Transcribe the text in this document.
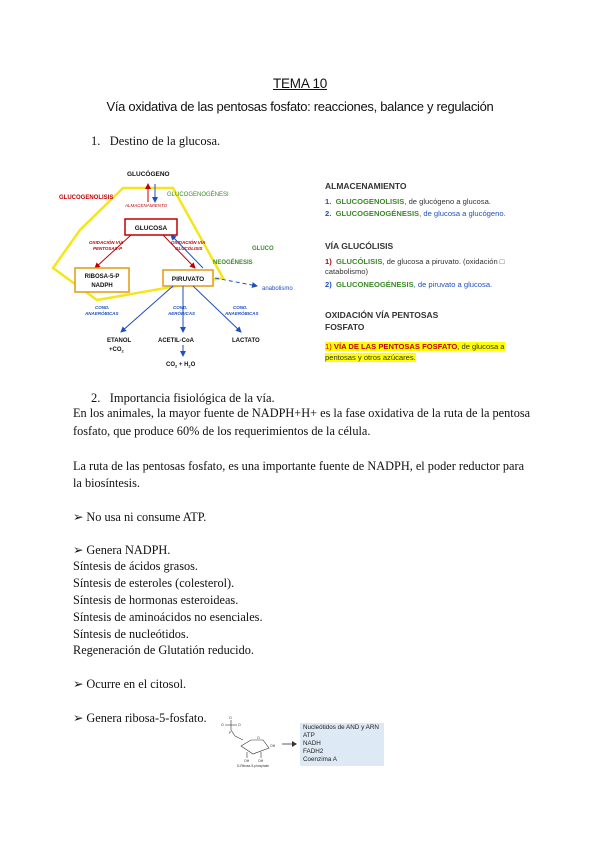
TEMA 10
Vía oxidativa de las pentosas fosfato: reacciones, balance y regulación
1. Destino de la glucosa.
GLUCÓGENO
GLUCOGENOLISIS	GLUCOGENOGÉNESI
ALMACENAMIENTO
GLUCOSA
OXIDACIÓN VÍA
PENTOSAS-P
OXIDACIÓN VÍA
GLUCÓLISIS	GLUCO
NEOGÉNESIS
RIBOSA-5-P
NADPH
PIRUVATO
anabolismo
COND.
ANAERÓBICAS
COND.
AERÓBICAS
COND.
ANAERÓBICAS
ETANOL
$+CO_2$
ACETIL-CoA	LACTATO
$CO_2 + H_2O$
ALMACENAMIENTO
1. GLUCOGENOLISIS, de glucógeno a glucosa.
2. GLUCOGENOGÉNESIS, de glucosa a glucógeno.
VÍA GLUCÓLISIS
1) GLUCÓLISIS, de glucosa a piruvato. (oxidación □
catabolismo)
2) GLUCONEOGÉNESIS, de piruvato a glucosa.
OXIDACIÓN VÍA PENTOSAS
FOSFATO
1) VÍA DE LAS PENTOSAS FOSFATO, de glucosa a
pentosas y otros azúcares.
2. Importancia fisiológica de la vía.
En los animales, la mayor fuente de NADPH+H+ es la fase oxidativa de la ruta de la pentosa
fosfato, que produce 60% de los requerimientos de la célula.
La ruta de las pentosas fosfato, es una importante fuente de NADPH, el poder reductor para
la biosíntesis.
➢ No usa ni consume ATP.
➢ Genera NADPH.
Síntesis de ácidos grasos.
Síntesis de esteroles (colesterol).
Síntesis de hormonas esteroideas.
Síntesis de aminoácidos no esenciales.
Síntesis de nucleótidos.
Regeneración de Glutatión reducido.
➢ Ocurre en el citosol.
➢ Genera ribosa-5-fosfato.	O
O	O
P
O
OH	OH
OH
D-Ribose-5-phosphate
Nucleótidos de AND y ARN
ATP
NADH
FADH2
Coenzima A
